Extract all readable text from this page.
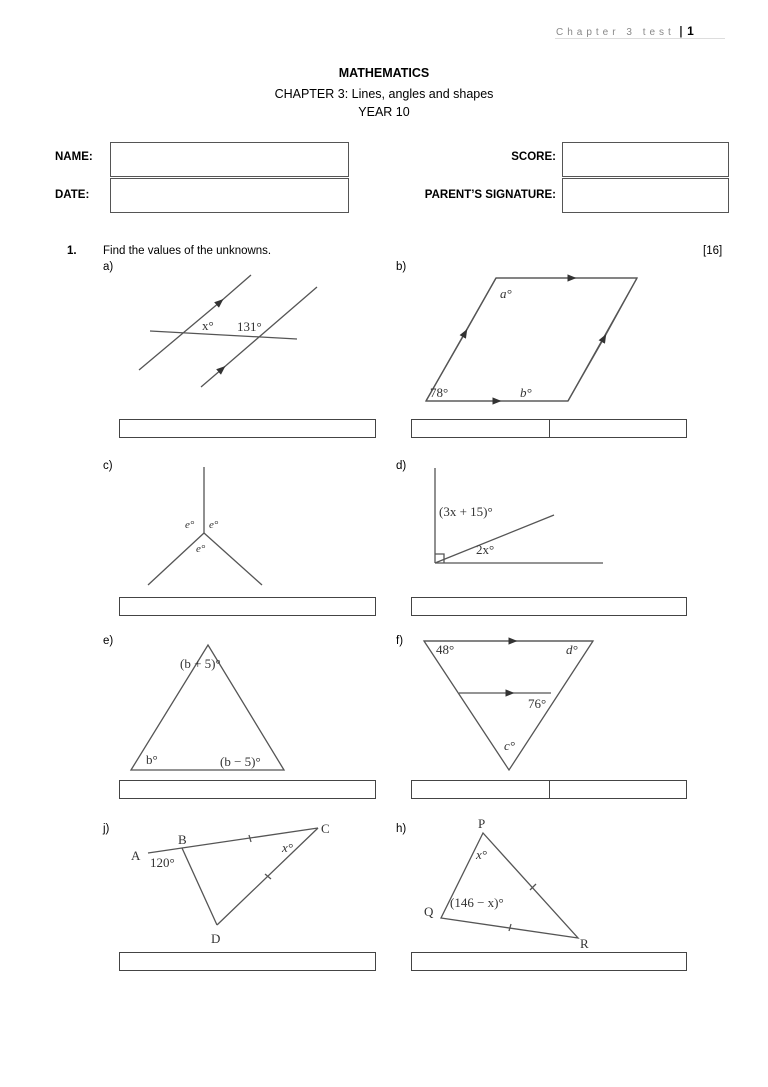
Chapter 3 test | 1
MATHEMATICS
CHAPTER 3: Lines, angles and shapes
YEAR 10
NAME:
DATE:
SCORE:
PARENT’S SIGNATURE:
1. Find the values of the unknowns.	[16]
a)	b)
c)	d)
e)	f)
j)	h)
x° 131°
a°
78°	b°
e° e°
e°
(3x + 15)°
2x°
(b + 5)°
b°	(b − 5)°
48°	d°
76°
c°
A
B
C
D
120°
x°
P
Q
R
x°
(146 − x)°
